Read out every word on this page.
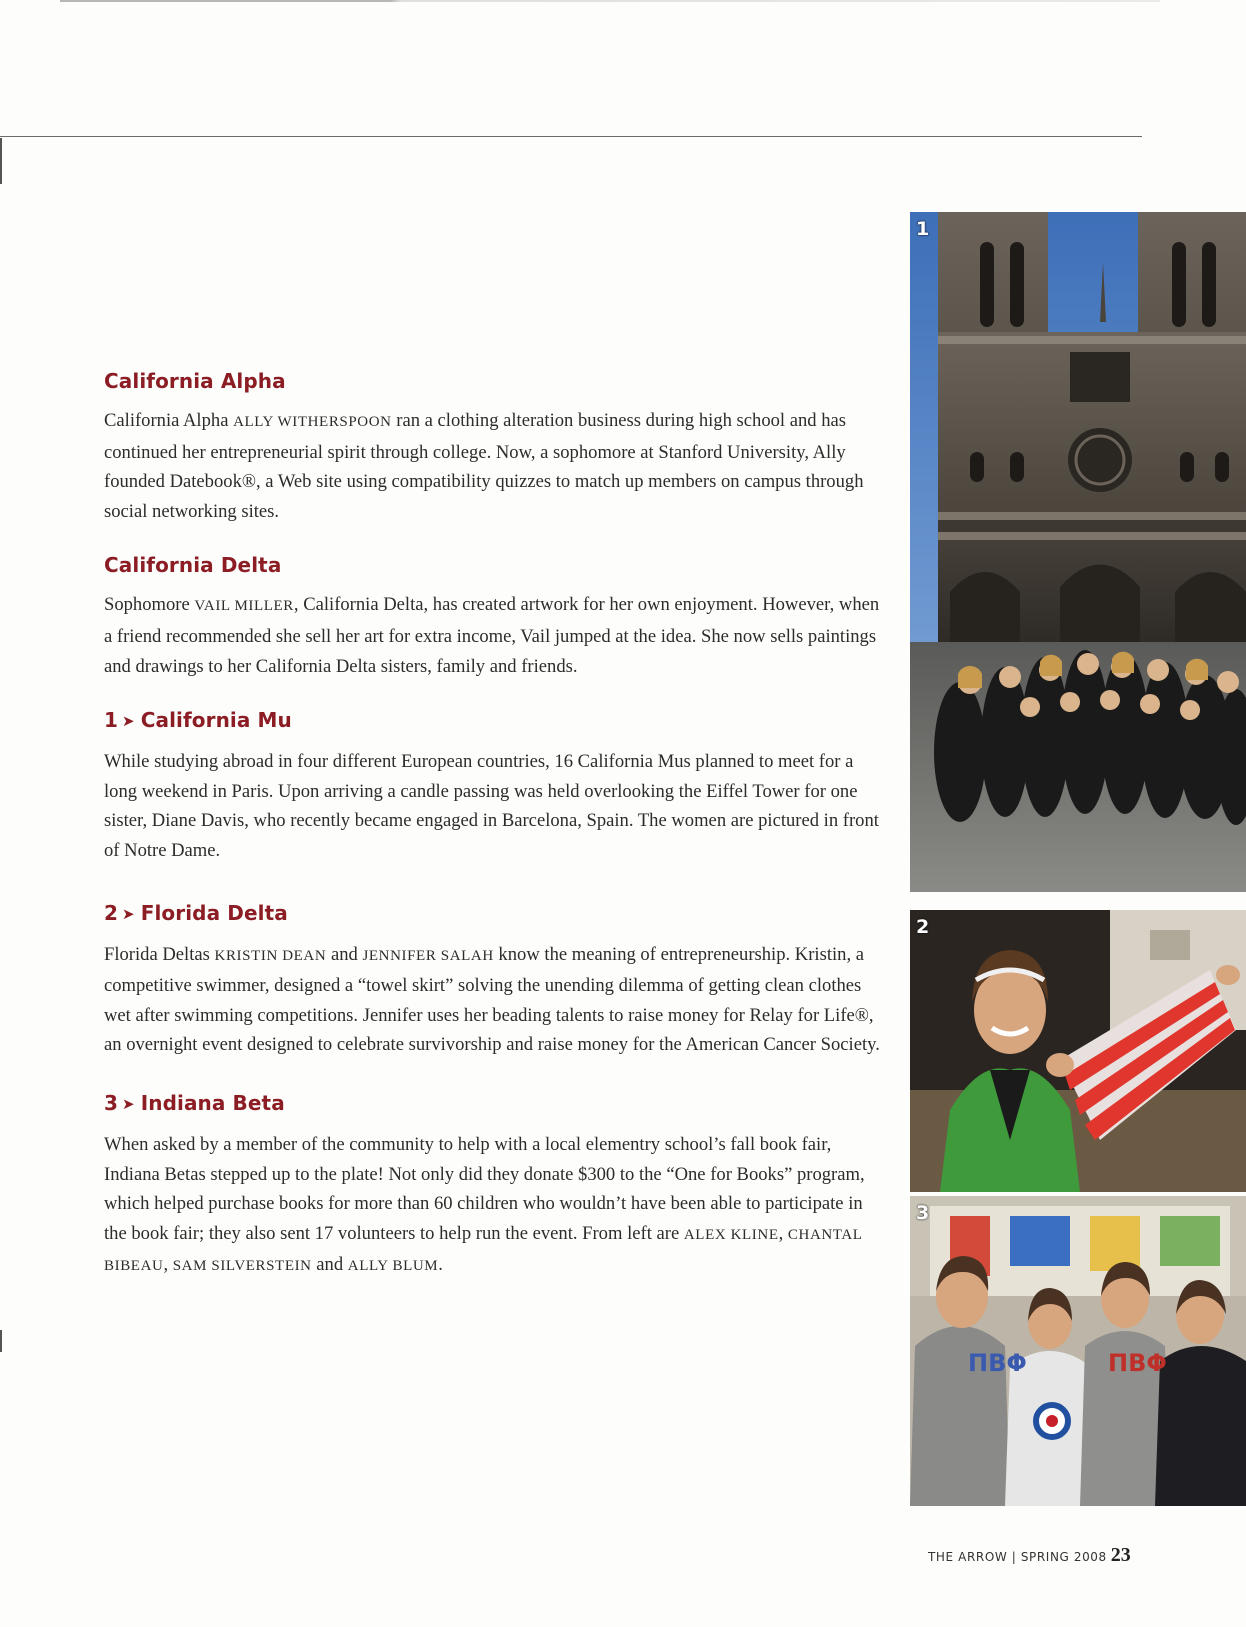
California Alpha

California Alpha ALLY WITHERSPOON ran a clothing alteration business during high school and has continued her entrepreneurial spirit through college. Now, a sophomore at Stanford University, Ally founded Datebook®, a Web site using compatibility quizzes to match up members on campus through social networking sites.

California Delta

Sophomore VAIL MILLER, California Delta, has created artwork for her own enjoyment. However, when a friend recommended she sell her art for extra income, Vail jumped at the idea. She now sells paintings and drawings to her California Delta sisters, family and friends.

1 ➤ California Mu

While studying abroad in four different European countries, 16 California Mus planned to meet for a long weekend in Paris. Upon arriving a candle passing was held overlooking the Eiffel Tower for one sister, Diane Davis, who recently became engaged in Barcelona, Spain. The women are pictured in front of Notre Dame.

2 ➤ Florida Delta

Florida Deltas KRISTIN DEAN and JENNIFER SALAH know the meaning of entrepreneurship. Kristin, a competitive swimmer, designed a “towel skirt” solving the unending dilemma of getting clean clothes wet after swimming competitions. Jennifer uses her beading talents to raise money for Relay for Life®, an overnight event designed to celebrate survivorship and raise money for the American Cancer Society.

3 ➤ Indiana Beta

When asked by a member of the community to help with a local elementry school’s fall book fair, Indiana Betas stepped up to the plate! Not only did they donate $300 to the “One for Books” program, which helped purchase books for more than 60 children who wouldn’t have been able to participate in the book fair; they also sent 17 volunteers to help run the event. From left are ALEX KLINE, CHANTAL BIBEAU, SAM SILVERSTEIN and ALLY BLUM.

1
2
ΠΒΦ	ΠΒΦ
3
THE ARROW | SPRING 2008 23
